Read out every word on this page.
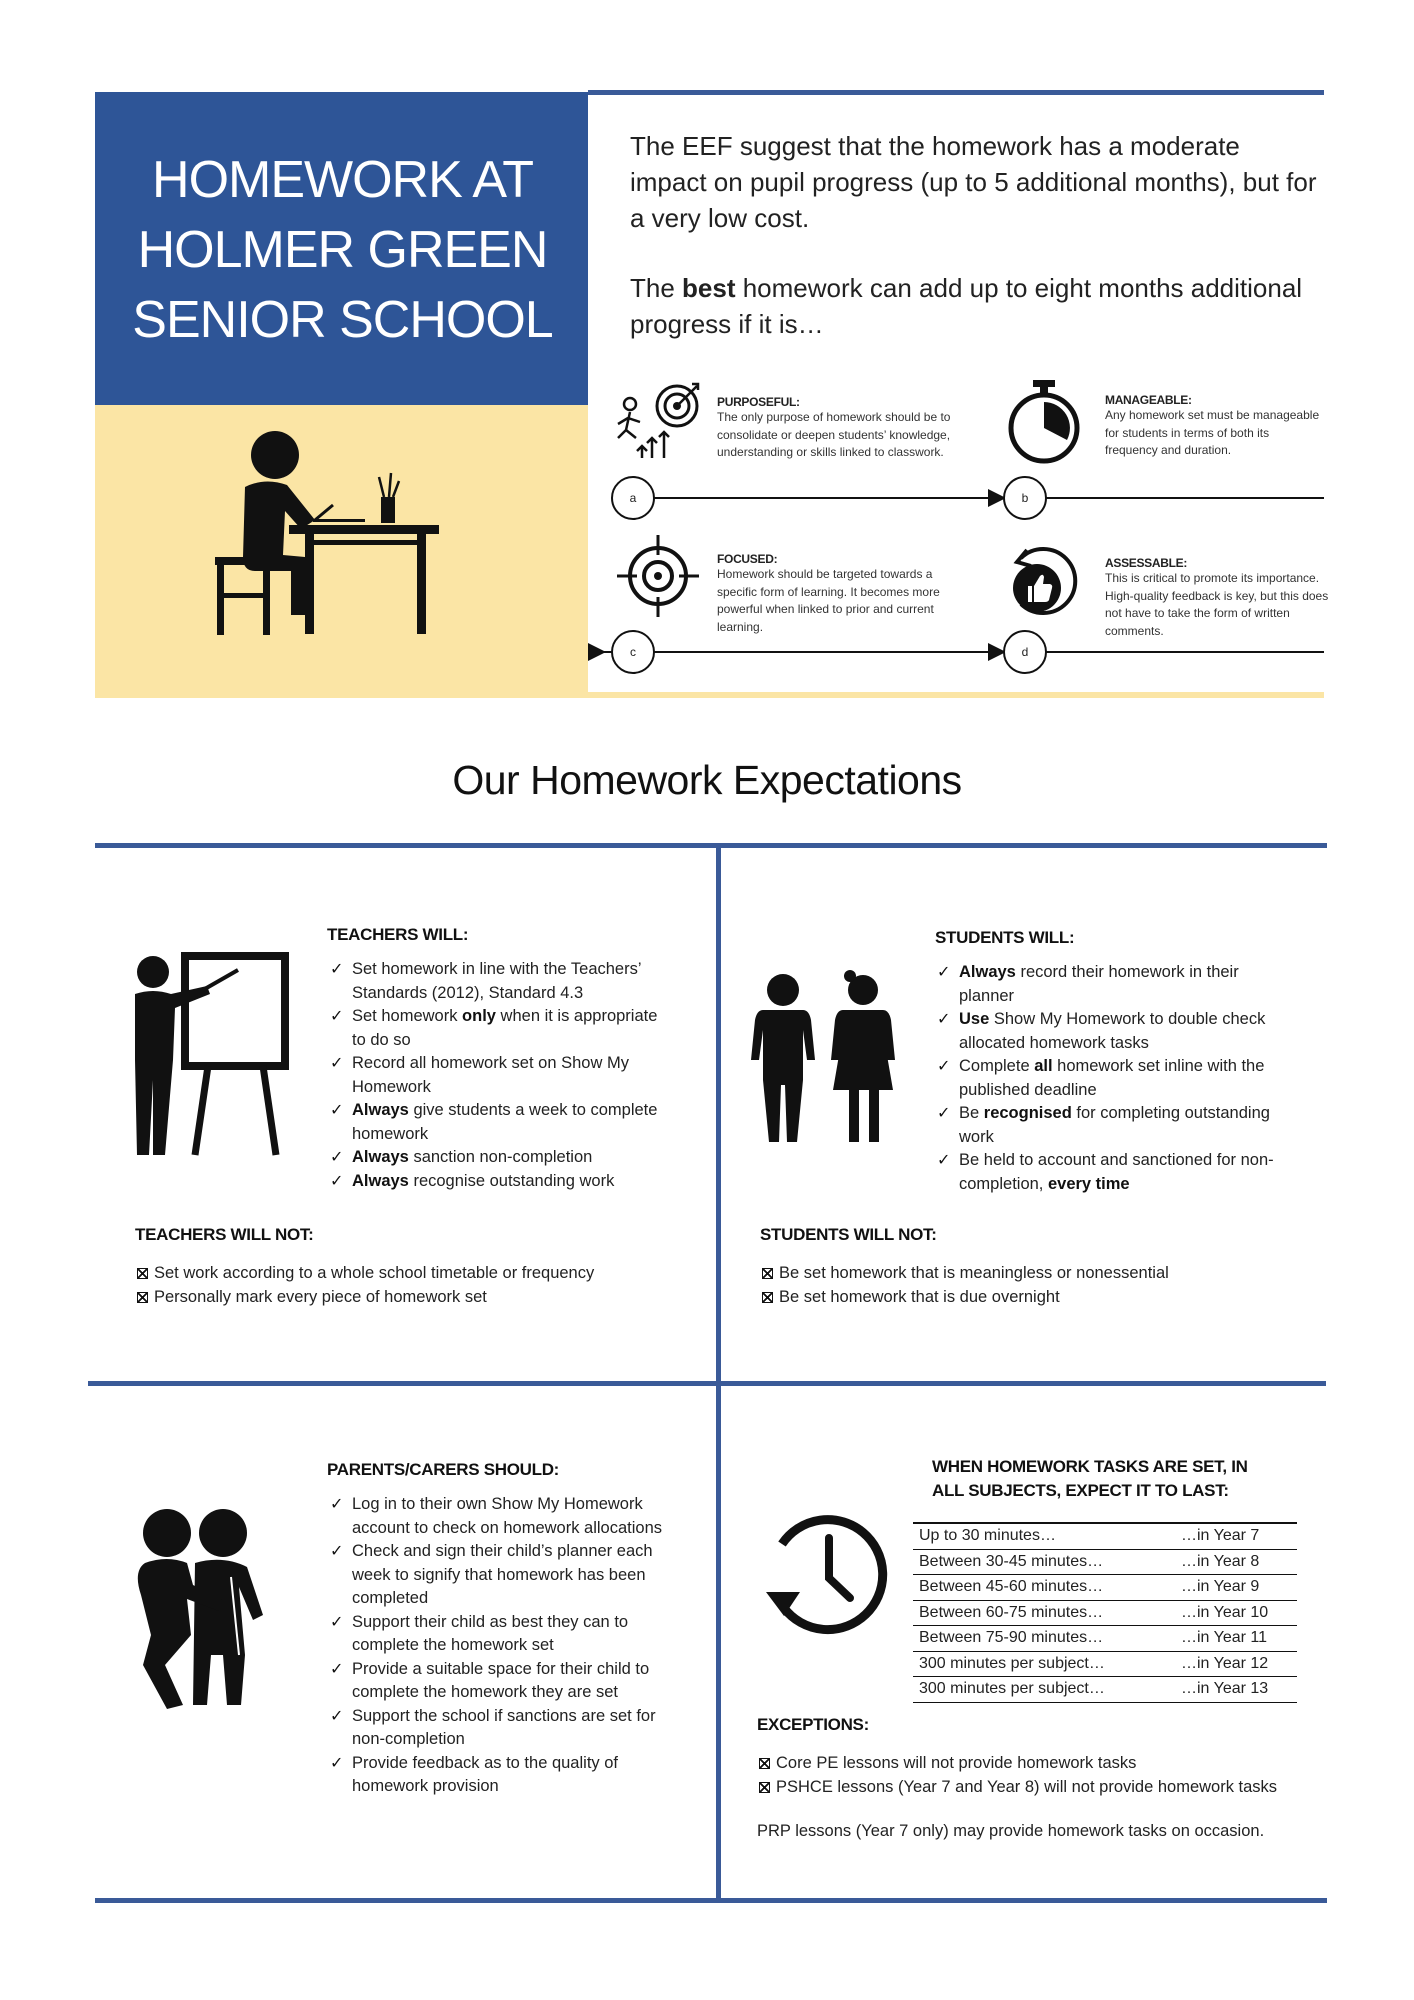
HOMEWORK AT
HOLMER GREEN
SENIOR SCHOOL

The EEF suggest that the homework has a moderate impact on pupil progress (up to 5 additional months), but for a very low cost.

The best homework can add up to eight months additional progress if it is…

a	b
c	d
PURPOSEFUL:
The only purpose of homework should be to consolidate or deepen students’ knowledge, understanding or skills linked to classwork.
MANAGEABLE:
Any homework set must be manageable for students in terms of both its frequency and duration.
FOCUSED:
Homework should be targeted towards a specific form of learning. It becomes more powerful when linked to prior and current learning.
ASSESSABLE:
This is critical to promote its importance. High-quality feedback is key, but this does not have to take the form of written comments.
Our Homework Expectations
TEACHERS WILL:
✓ Set homework in line with the Teachers’ Standards (2012), Standard 4.3
✓ Set homework only when it is appropriate to do so
✓ Record all homework set on Show My Homework
✓ Always give students a week to complete homework
✓ Always sanction non-completion
✓ Always recognise outstanding work
TEACHERS WILL NOT:
Set work according to a whole school timetable or frequency
Personally mark every piece of homework set
STUDENTS WILL:
✓ Always record their homework in their planner
✓ Use Show My Homework to double check allocated homework tasks
✓ Complete all homework set inline with the published deadline
✓ Be recognised for completing outstanding work
✓ Be held to account and sanctioned for non-completion, every time
STUDENTS WILL NOT:
Be set homework that is meaningless or nonessential
Be set homework that is due overnight
PARENTS/CARERS SHOULD:
✓ Log in to their own Show My Homework account to check on homework allocations
✓ Check and sign their child’s planner each week to signify that homework has been completed
✓ Support their child as best they can to complete the homework set
✓ Provide a suitable space for their child to complete the homework they are set
✓ Support the school if sanctions are set for non-completion
✓ Provide feedback as to the quality of homework provision
WHEN HOMEWORK TASKS ARE SET, IN ALL SUBJECTS, EXPECT IT TO LAST:
Up to 30 minutes…	…in Year 7
Between 30-45 minutes…	…in Year 8
Between 45-60 minutes…	…in Year 9
Between 60-75 minutes…	…in Year 10
Between 75-90 minutes…	…in Year 11
300 minutes per subject…	…in Year 12
300 minutes per subject…	…in Year 13
EXCEPTIONS:
Core PE lessons will not provide homework tasks
PSHCE lessons (Year 7 and Year 8) will not provide homework tasks
PRP lessons (Year 7 only) may provide homework tasks on occasion.
